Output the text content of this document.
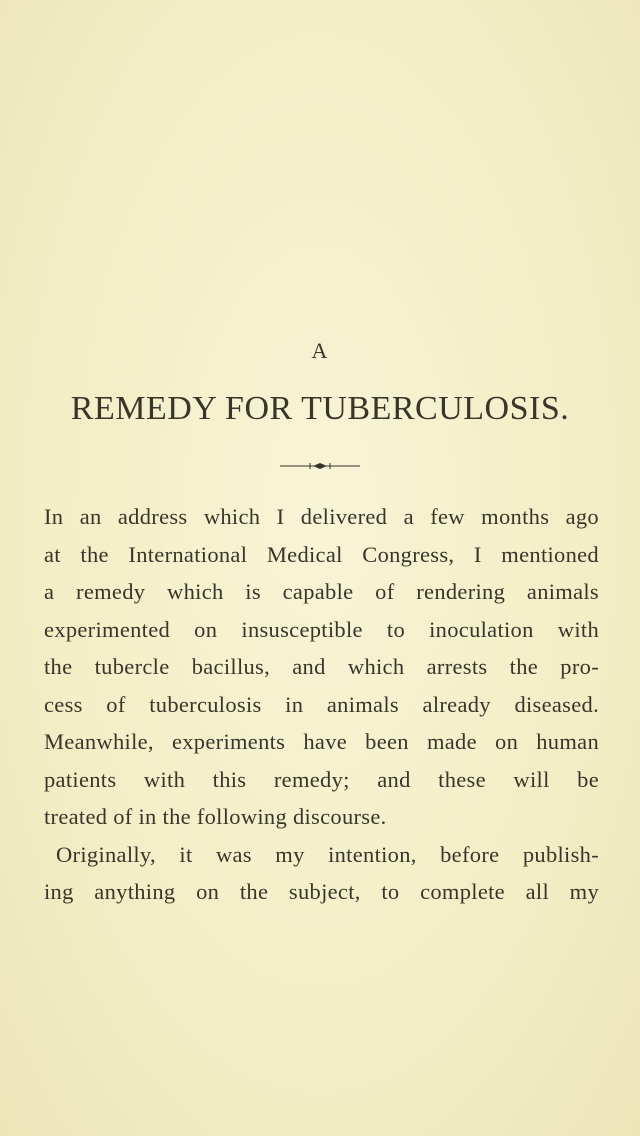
A
REMEDY FOR TUBERCULOSIS.
In an address which I delivered a few months ago
at the International Medical Congress, I mentioned
a remedy which is capable of rendering animals
experimented on insusceptible to inoculation with
the tubercle bacillus, and which arrests the pro-
cess of tuberculosis in animals already diseased.
Meanwhile, experiments have been made on human
patients with this remedy; and these will be
treated of in the following discourse.
Originally, it was my intention, before publish-
ing anything on the subject, to complete all my
